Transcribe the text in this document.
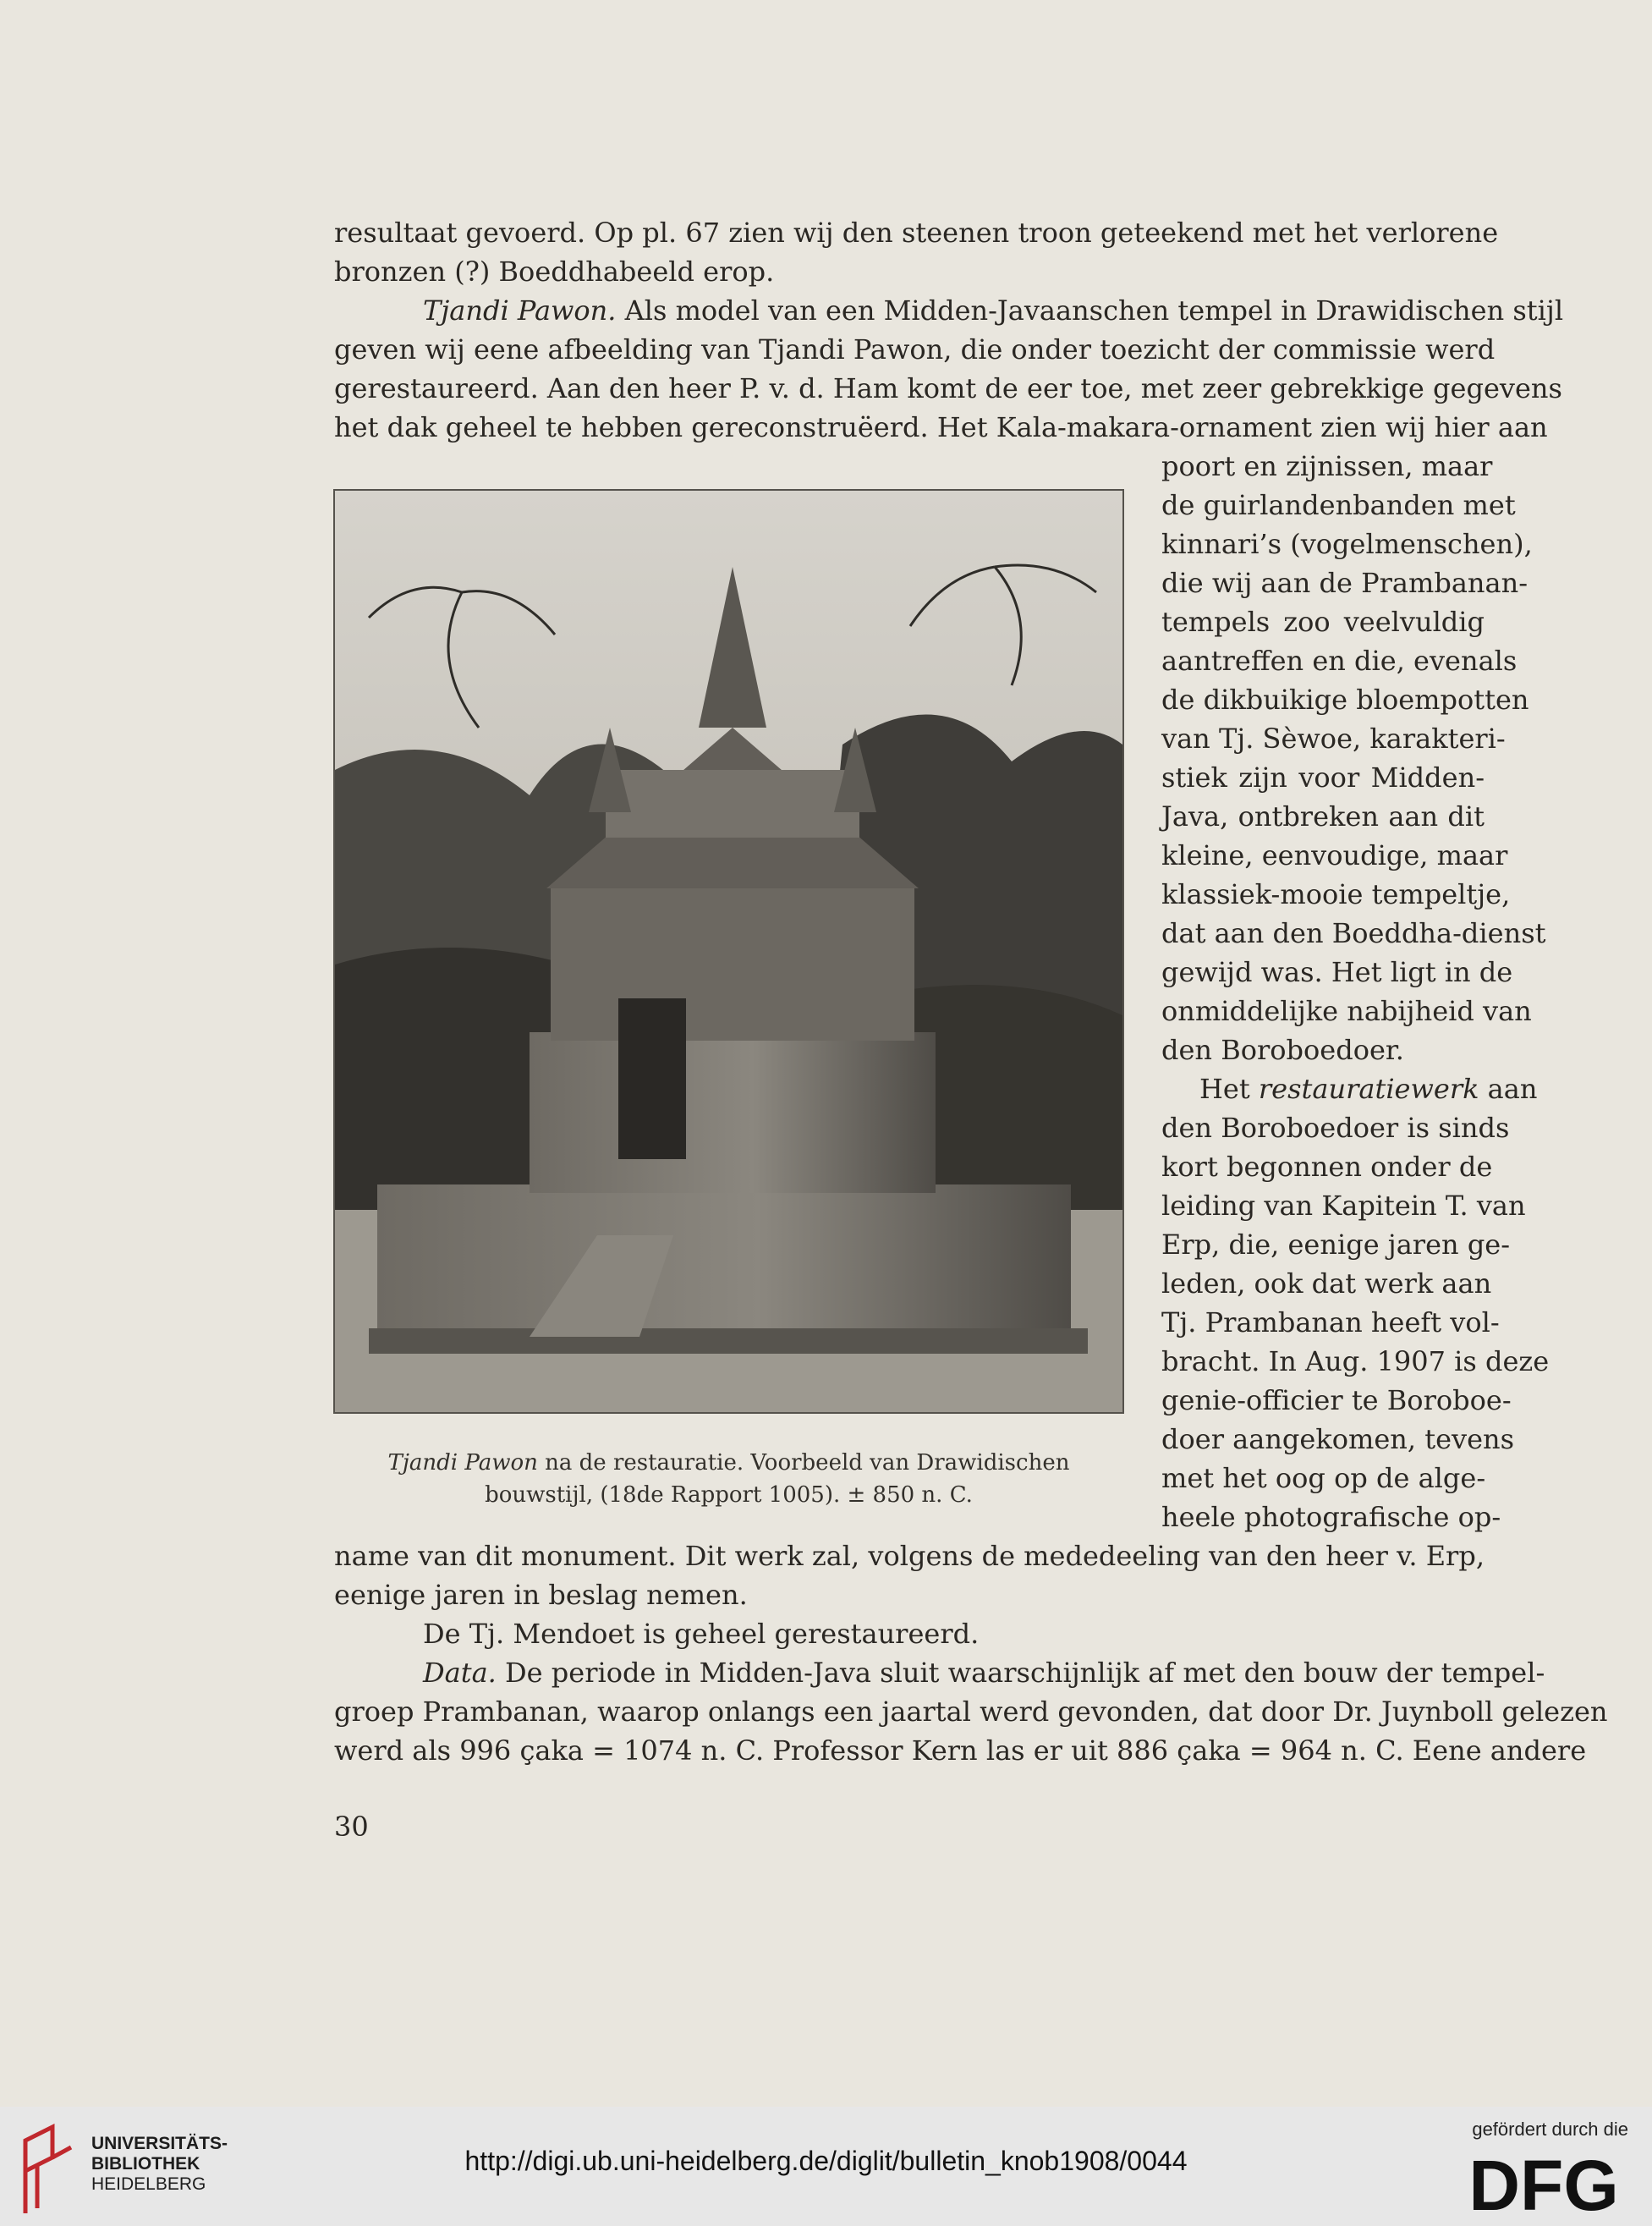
resultaat gevoerd. Op pl. 67 zien wij den steenen troon geteekend met het verlorene
bronzen (?) Boeddhabeeld erop.
Tjandi Pawon. Als model van een Midden-Javaanschen tempel in Drawidischen stijl
geven wij eene afbeelding van Tjandi Pawon, die onder toezicht der commissie werd
gerestaureerd. Aan den heer P. v. d. Ham komt de eer toe, met zeer gebrekkige gegevens
het dak geheel te hebben gereconstruëerd. Het Kala-makara-ornament zien wij hier aan
poort en zijnissen, maar
de guirlandenbanden met
kinnari’s (vogelmenschen),
die wij aan de Prambanan-
tempels zoo veelvuldig
aantreffen en die, evenals
de dikbuikige bloempotten
van Tj. Sèwoe, karakteri-
stiek zijn voor Midden-
Java, ontbreken aan dit
kleine, eenvoudige, maar
klassiek-mooie tempeltje,
dat aan den Boeddha-dienst
gewijd was. Het ligt in de
onmiddelijke nabijheid van
den Boroboedoer.
Het restauratiewerk aan
den Boroboedoer is sinds
kort begonnen onder de
leiding van Kapitein T. van
Erp, die, eenige jaren ge-
leden, ook dat werk aan
Tj. Prambanan heeft vol-
bracht. In Aug. 1907 is deze
genie-officier te Boroboe-
doer aangekomen, tevens
met het oog op de alge-
heele photografische op-
Tjandi Pawon na de restauratie. Voorbeeld van Drawidischen
bouwstijl, (18de Rapport 1005). ± 850 n. C.
name van dit monument. Dit werk zal, volgens de mededeeling van den heer v. Erp,
eenige jaren in beslag nemen.
De Tj. Mendoet is geheel gerestaureerd.
Data. De periode in Midden-Java sluit waarschijnlijk af met den bouw der tempel-
groep Prambanan, waarop onlangs een jaartal werd gevonden, dat door Dr. Juynboll gelezen
werd als 996 çaka = 1074 n. C. Professor Kern las er uit 886 çaka = 964 n. C. Eene andere
30
UNIVERSITÄTS-
BIBLIOTHEK
HEIDELBERG
http://digi.ub.uni-heidelberg.de/diglit/bulletin_knob1908/0044
gefördert durch die
DFG
